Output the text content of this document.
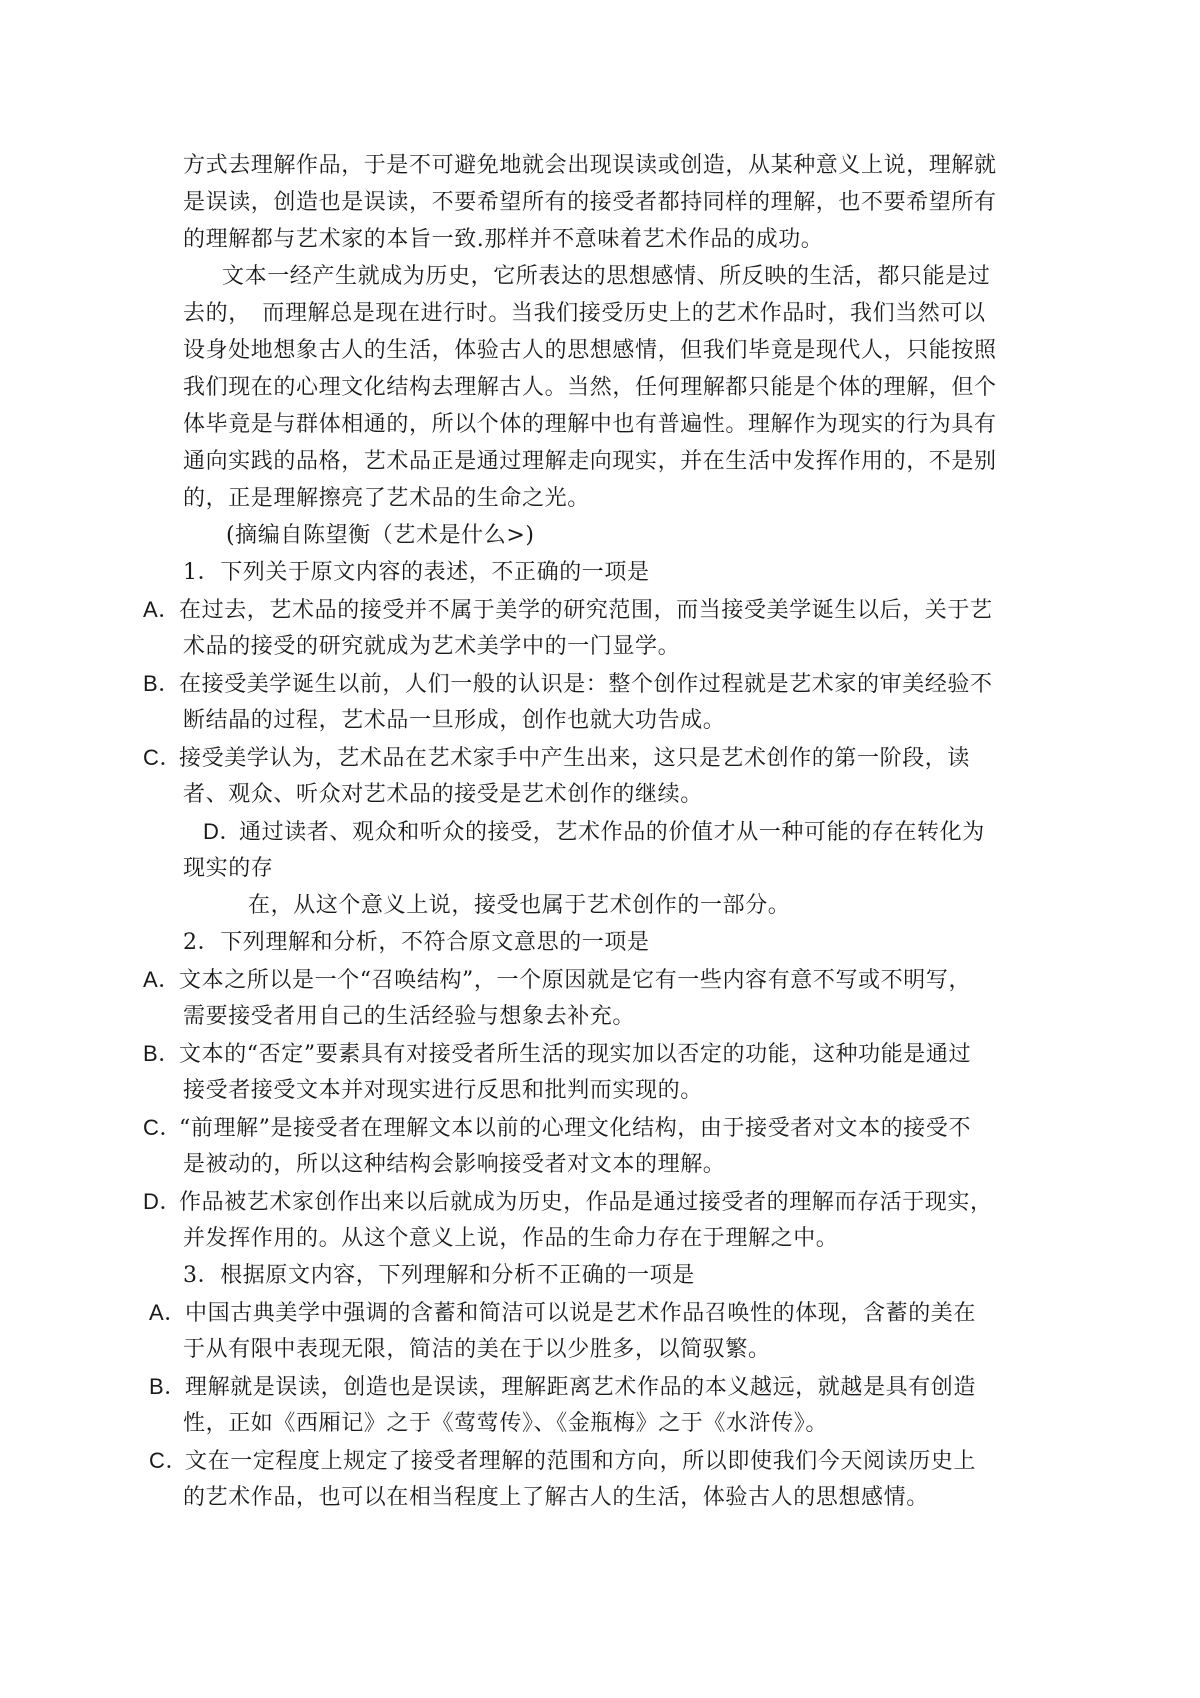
方式去理解作品，于是不可避免地就会出现误读或创造，从某种意义上说，理解就
是误读，创造也是误读，不要希望所有的接受者都持同样的理解，也不要希望所有
的理解都与艺术家的本旨一致.那样并不意味着艺术作品的成功。
文本一经产生就成为历史，它所表达的思想感情、所反映的生活，都只能是过
去的，　而理解总是现在进行时。当我们接受历史上的艺术作品时，我们当然可以
设身处地想象古人的生活，体验古人的思想感情，但我们毕竟是现代人，只能按照
我们现在的心理文化结构去理解古人。当然，任何理解都只能是个体的理解，但个
体毕竟是与群体相通的，所以个体的理解中也有普遍性。理解作为现实的行为具有
通向实践的品格，艺术品正是通过理解走向现实，并在生活中发挥作用的，不是别
的，正是理解擦亮了艺术品的生命之光。
(摘编自陈望衡（艺术是什么>)
1．下列关于原文内容的表述，不正确的一项是
A．在过去，艺术品的接受并不属于美学的研究范围，而当接受美学诞生以后，关于艺
术品的接受的研究就成为艺术美学中的一门显学。
B．在接受美学诞生以前，人们一般的认识是：整个创作过程就是艺术家的审美经验不
断结晶的过程，艺术品一旦形成，创作也就大功告成。
C．接受美学认为，艺术品在艺术家手中产生出来，这只是艺术创作的第一阶段，读
者、观众、听众对艺术品的接受是艺术创作的继续。
D．通过读者、观众和听众的接受，艺术作品的价值才从一种可能的存在转化为
现实的存
在，从这个意义上说，接受也属于艺术创作的一部分。
2．下列理解和分析，不符合原文意思的一项是
A．文本之所以是一个“召唤结构”，一个原因就是它有一些内容有意不写或不明写，
需要接受者用自己的生活经验与想象去补充。
B．文本的“否定”要素具有对接受者所生活的现实加以否定的功能，这种功能是通过
接受者接受文本并对现实进行反思和批判而实现的。
C．“前理解”是接受者在理解文本以前的心理文化结构，由于接受者对文本的接受不
是被动的，所以这种结构会影响接受者对文本的理解。
D．作品被艺术家创作出来以后就成为历史，作品是通过接受者的理解而存活于现实，
并发挥作用的。从这个意义上说，作品的生命力存在于理解之中。
3．根据原文内容，下列理解和分析不正确的一项是
A．中国古典美学中强调的含蓄和简洁可以说是艺术作品召唤性的体现，含蓄的美在
于从有限中表现无限，简洁的美在于以少胜多，以简驭繁。
B．理解就是误读，创造也是误读，理解距离艺术作品的本义越远，就越是具有创造
性，正如《西厢记》之于《莺莺传》、《金瓶梅》之于《水浒传》。
C．文在一定程度上规定了接受者理解的范围和方向，所以即使我们今天阅读历史上
的艺术作品，也可以在相当程度上了解古人的生活，体验古人的思想感情。
